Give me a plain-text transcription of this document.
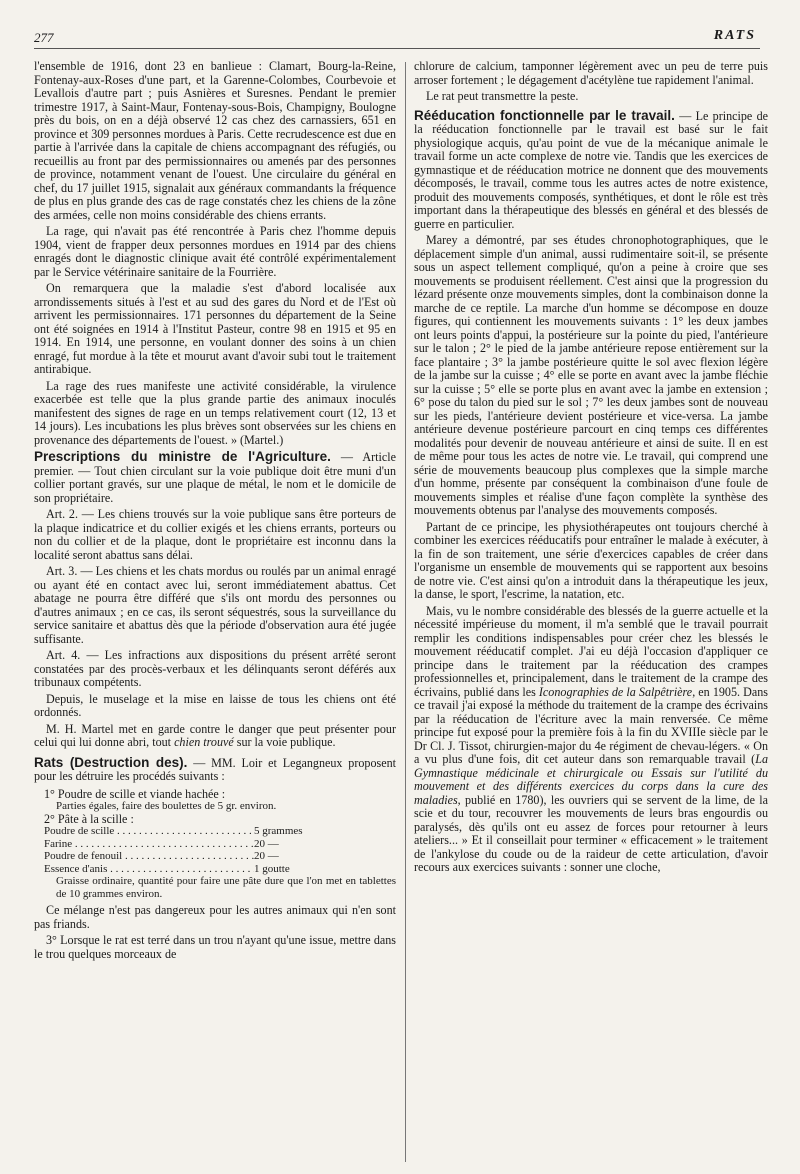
277	RATS

l'ensemble de 1916, dont 23 en banlieue : Clamart, Bourg-la-Reine, Fontenay-aux-Roses d'une part, et la Garenne-Colombes, Courbevoie et Levallois d'autre part ; puis Asnières et Suresnes. Pendant le premier trimestre 1917, à Saint-Maur, Fontenay-sous-Bois, Champigny, Boulogne près du bois, on en a déjà observé 12 cas chez des carnassiers, 651 en province et 309 personnes mordues à Paris. Cette recrudescence est due en partie à l'arrivée dans la capitale de chiens accompagnant des réfugiés, ou recueillis au front par des permissionnaires ou amenés par des personnes de province, notamment venant de l'ouest. Une circulaire du général en chef, du 17 juillet 1915, signalait aux généraux commandants la fréquence de plus en plus grande des cas de rage constatés chez les chiens de la zône des armées, celle non moins considérable des chiens errants.

La rage, qui n'avait pas été rencontrée à Paris chez l'homme depuis 1904, vient de frapper deux personnes mordues en 1914 par des chiens enragés dont le diagnostic clinique avait été contrôlé expérimentalement par le Service vétérinaire sanitaire de la Fourrière.

On remarquera que la maladie s'est d'abord localisée aux arrondissements situés à l'est et au sud des gares du Nord et de l'Est où arrivent les permissionnaires. 171 personnes du département de la Seine ont été soignées en 1914 à l'Institut Pasteur, contre 98 en 1915 et 95 en 1914. En 1914, une personne, en voulant donner des soins à un chien enragé, fut mordue à la tête et mourut avant d'avoir subi tout le traitement antirabique.

La rage des rues manifeste une activité considérable, la virulence exacerbée est telle que la plus grande partie des animaux inoculés manifestent des signes de rage en un temps relativement court (12, 13 et 14 jours). Les incubations les plus brèves sont observées sur les chiens en provenance des départements de l'ouest. » (Martel.)

Prescriptions du ministre de l'Agriculture. — Article premier. — Tout chien circulant sur la voie publique doit être muni d'un collier portant gravés, sur une plaque de métal, le nom et le domicile de son propriétaire.

Art. 2. — Les chiens trouvés sur la voie publique sans être porteurs de la plaque indicatrice et du collier exigés et les chiens errants, porteurs ou non du collier et de la plaque, dont le propriétaire est inconnu dans la localité seront abattus sans délai.

Art. 3. — Les chiens et les chats mordus ou roulés par un animal enragé ou ayant été en contact avec lui, seront immédiatement abattus. Cet abatage ne pourra être différé que s'ils ont mordu des personnes ou d'autres animaux ; en ce cas, ils seront séquestrés, sous la surveillance du service sanitaire et abattus dès que la période d'observation aura été jugée suffisante.

Art. 4. — Les infractions aux dispositions du présent arrêté seront constatées par des procès-verbaux et les délinquants seront déférés aux tribunaux compétents.

Depuis, le muselage et la mise en laisse de tous les chiens ont été ordonnés.

M. H. Martel met en garde contre le danger que peut présenter pour celui qui lui donne abri, tout chien trouvé sur la voie publique.

Rats (Destruction des). — MM. Loir et Legangneux proposent pour les détruire les procédés suivants :

1° Poudre de scille et viande hachée :
Parties égales, faire des boulettes de 5 gr. environ.
2° Pâte à la scille :
Poudre de scille . . .	5 grammes
Farine . . .	20 —
Poudre de fenouil . . .	20 —
Essence d'anis . . .	1 goutte
Graisse ordinaire, quantité pour faire une pâte dure que l'on met en tablettes de 10 grammes environ.

Ce mélange n'est pas dangereux pour les autres animaux qui n'en sont pas friands.

3° Lorsque le rat est terré dans un trou n'ayant qu'une issue, mettre dans le trou quelques morceaux de

chlorure de calcium, tamponner légèrement avec un peu de terre puis arroser fortement ; le dégagement d'acétylène tue rapidement l'animal.

Le rat peut transmettre la peste.

Rééducation fonctionnelle par le travail. — Le principe de la rééducation fonctionnelle par le travail est basé sur le fait physiologique acquis, qu'au point de vue de la mécanique animale le travail forme un acte complexe de notre vie. Tandis que les exercices de gymnastique et de rééducation motrice ne donnent que des mouvements décomposés, le travail, comme tous les autres actes de notre existence, produit des mouvements composés, synthétiques, et dont le rôle est très important dans la thérapeutique des blessés en général et des blessés de guerre en particulier.

Marey a démontré, par ses études chronophotographiques, que le déplacement simple d'un animal, aussi rudimentaire soit-il, se présente sous un aspect tellement compliqué, qu'on a peine à croire que ses mouvements se produisent réellement. C'est ainsi que la progression du lézard présente onze mouvements simples, dont la combinaison donne la marche de ce reptile. La marche d'un homme se décompose en douze figures, qui contiennent les mouvements suivants : 1° les deux jambes ont leurs points d'appui, la postérieure sur la pointe du pied, l'antérieure sur le talon ; 2° le pied de la jambe antérieure repose entièrement sur la face plantaire ; 3° la jambe postérieure quitte le sol avec flexion légère de la jambe sur la cuisse ; 4° elle se porte en avant avec la jambe fléchie sur la cuisse ; 5° elle se porte plus en avant avec la jambe en extension ; 6° pose du talon du pied sur le sol ; 7° les deux jambes sont de nouveau sur les pieds, l'antérieure devient postérieure et vice-versa. La jambe antérieure devenue postérieure parcourt en cinq temps ces différentes modalités pour devenir de nouveau antérieure et ainsi de suite. Il en est de même pour tous les actes de notre vie. Le travail, qui comprend une série de mouvements beaucoup plus complexes que la simple marche d'un homme, présente par conséquent la combinaison d'une foule de mouvements simples et réalise d'une façon complète la synthèse des mouvements obtenus par l'analyse des mouvements composés.

Partant de ce principe, les physiothérapeutes ont toujours cherché à combiner les exercices rééducatifs pour entraîner le malade à exécuter, à la fin de son traitement, une série d'exercices capables de créer dans l'organisme un ensemble de mouvements qui se rapportent aux besoins de notre vie. C'est ainsi qu'on a introduit dans la thérapeutique les jeux, la danse, le sport, l'escrime, la natation, etc.

Mais, vu le nombre considérable des blessés de la guerre actuelle et la nécessité impérieuse du moment, il m'a semblé que le travail pourrait remplir les conditions indispensables pour créer chez les blessés le mouvement rééducatif complet. J'ai eu déjà l'occasion d'appliquer ce principe dans le traitement par la rééducation des crampes professionnelles et, principalement, dans le traitement de la crampe des écrivains, publié dans les Iconographies de la Salpêtrière, en 1905. Dans ce travail j'ai exposé la méthode du traitement de la crampe des écrivains par la rééducation de l'écriture avec la main renversée. Ce même principe fut exposé pour la première fois à la fin du XVIIIe siècle par le Dr Cl. J. Tissot, chirurgien-major du 4e régiment de chevau-légers. « On a vu plus d'une fois, dit cet auteur dans son remarquable travail (La Gymnastique médicinale et chirurgicale ou Essais sur l'utilité du mouvement et des différents exercices du corps dans la cure des maladies, publié en 1780), les ouvriers qui se servent de la lime, de la scie et du tour, recouvrer les mouvements de leurs bras engourdis ou paralysés, dès qu'ils ont eu assez de forces pour retourner à leurs ateliers... » Et il conseillait pour terminer « efficacement » le traitement de l'ankylose du coude ou de la raideur de cette articulation, d'avoir recours aux exercices suivants : sonner une cloche,
